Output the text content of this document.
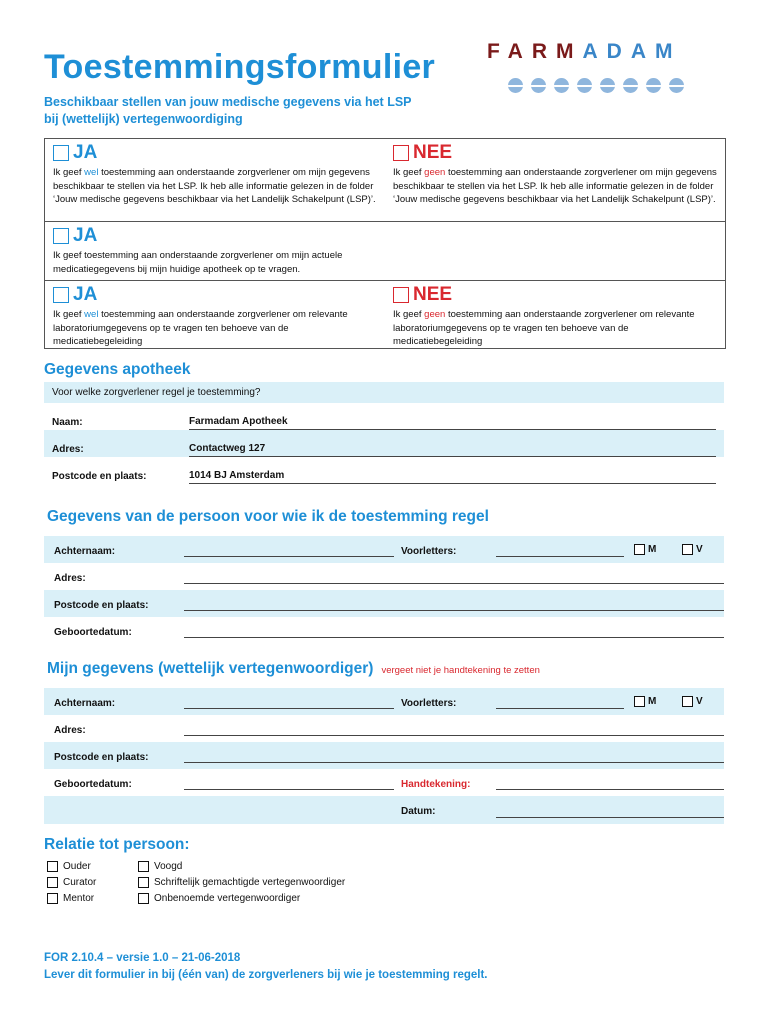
Toestemmingsformulier
Beschikbaar stellen van jouw medische gegevens via het LSP
bij (wettelijk) vertegenwoordiging
FARMADAM
JA
Ik geef wel toestemming aan onderstaande zorgverlener om mijn gegevens beschikbaar te stellen via het LSP. Ik heb alle informatie gelezen in de folder ‘Jouw medische gegevens beschikbaar via het Landelijk Schakelpunt (LSP)’.
NEE
Ik geef geen toestemming aan onderstaande zorgverlener om mijn gegevens beschikbaar te stellen via het LSP. Ik heb alle informatie gelezen in de folder ‘Jouw medische gegevens beschikbaar via het Landelijk Schakelpunt (LSP)’.
JA
Ik geef toestemming aan onderstaande zorgverlener om mijn actuele medicatiegegevens bij mijn huidige apotheek op te vragen.
JA
Ik geef wel toestemming aan onderstaande zorgverlener om relevante laboratoriumgegevens op te vragen ten behoeve van de medicatiebegeleiding
NEE
Ik geef geen toestemming aan onderstaande zorgverlener om relevante laboratoriumgegevens op te vragen ten behoeve van de medicatiebegeleiding
Gegevens apotheek
Voor welke zorgverlener regel je toestemming?
Naam:	Farmadam Apotheek
Adres:	Contactweg 127
Postcode en plaats:	1014 BJ Amsterdam
Gegevens van de persoon voor wie ik de toestemming regel
Achternaam:	Voorletters:	M	V
Adres:
Postcode en plaats:
Geboortedatum:
Mijn gegevens (wettelijk vertegenwoordiger) vergeet niet je handtekening te zetten
Achternaam:	Voorletters:	M	V
Adres:
Postcode en plaats:
Geboortedatum:	Handtekening:
Datum:
Relatie tot persoon:
Ouder
Curator
Mentor
Voogd
Schriftelijk gemachtigde vertegenwoordiger
Onbenoemde vertegenwoordiger
FOR 2.10.4 – versie 1.0 – 21-06-2018
Lever dit formulier in bij (één van) de zorgverleners bij wie je toestemming regelt.
